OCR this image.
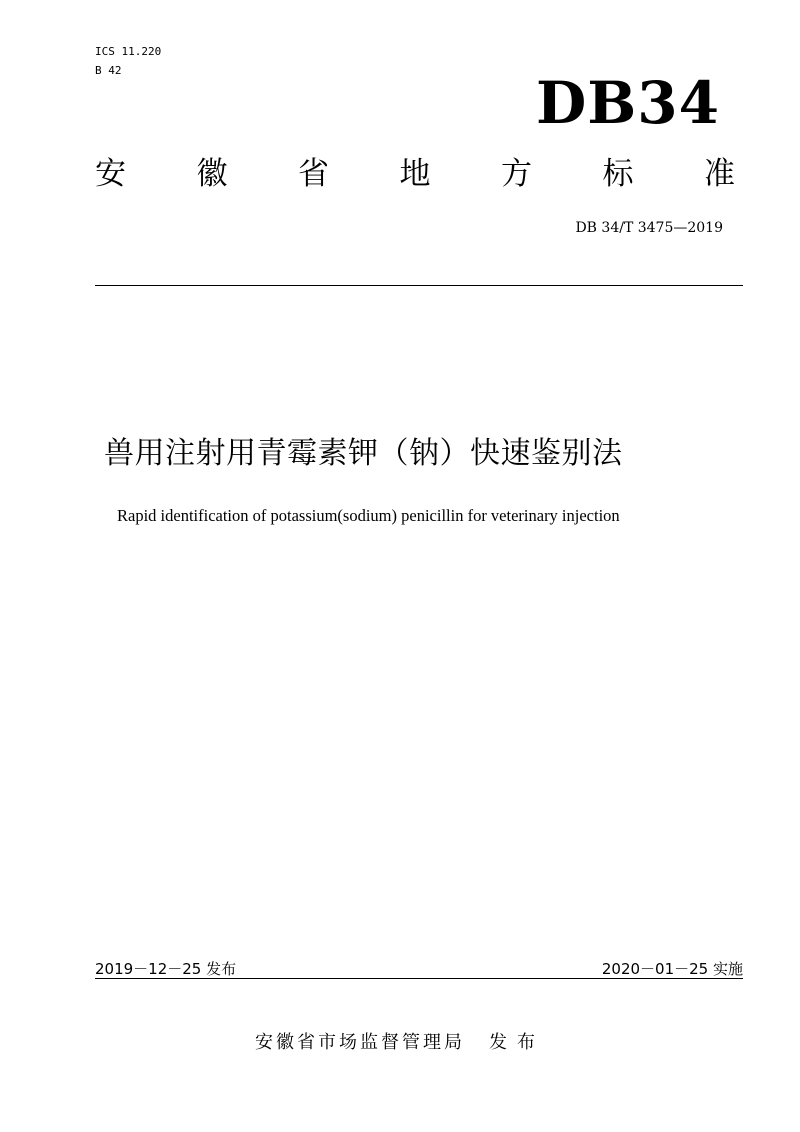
ICS 11.220
B 42	DB34
安 徽 省 地 方 标 准
DB 34/T 3475—2019
兽用注射用青霉素钾（钠）快速鉴别法
Rapid identification of potassium(sodium) penicillin for veterinary injection
2019－12－25 发布	2020－01－25 实施
安徽省市场监督管理局 发布
